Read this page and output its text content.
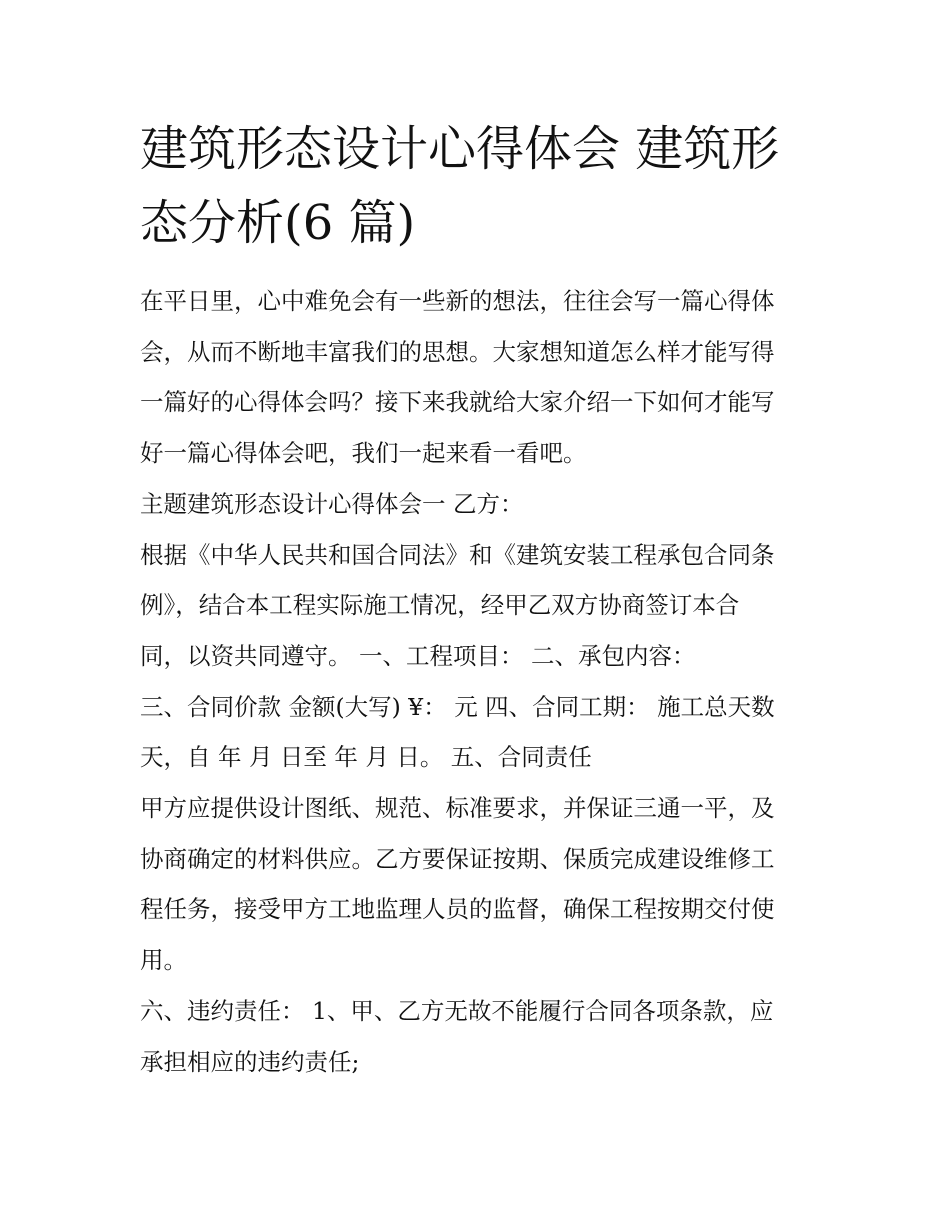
建筑形态设计心得体会 建筑形
态分析(6 篇)

在平日里，心中难免会有一些新的想法，往往会写一篇心得体
会，从而不断地丰富我们的思想。大家想知道怎么样才能写得
一篇好的心得体会吗？接下来我就给大家介绍一下如何才能写
好一篇心得体会吧，我们一起来看一看吧。

主题建筑形态设计心得体会一 乙方：

根据《中华人民共和国合同法》和《建筑安装工程承包合同条
例》，结合本工程实际施工情况，经甲乙双方协商签订本合
同，以资共同遵守。 一、工程项目： 二、承包内容：
三、合同价款 金额(大写) ¥： 元 四、合同工期： 施工总天数
天，自 年 月 日至 年 月 日。 五、合同责任

甲方应提供设计图纸、规范、标准要求，并保证三通一平，及
协商确定的材料供应。乙方要保证按期、保质完成建设维修工
程任务，接受甲方工地监理人员的监督，确保工程按期交付使
用。

六、违约责任： 1、甲、乙方无故不能履行合同各项条款，应
承担相应的违约责任;
